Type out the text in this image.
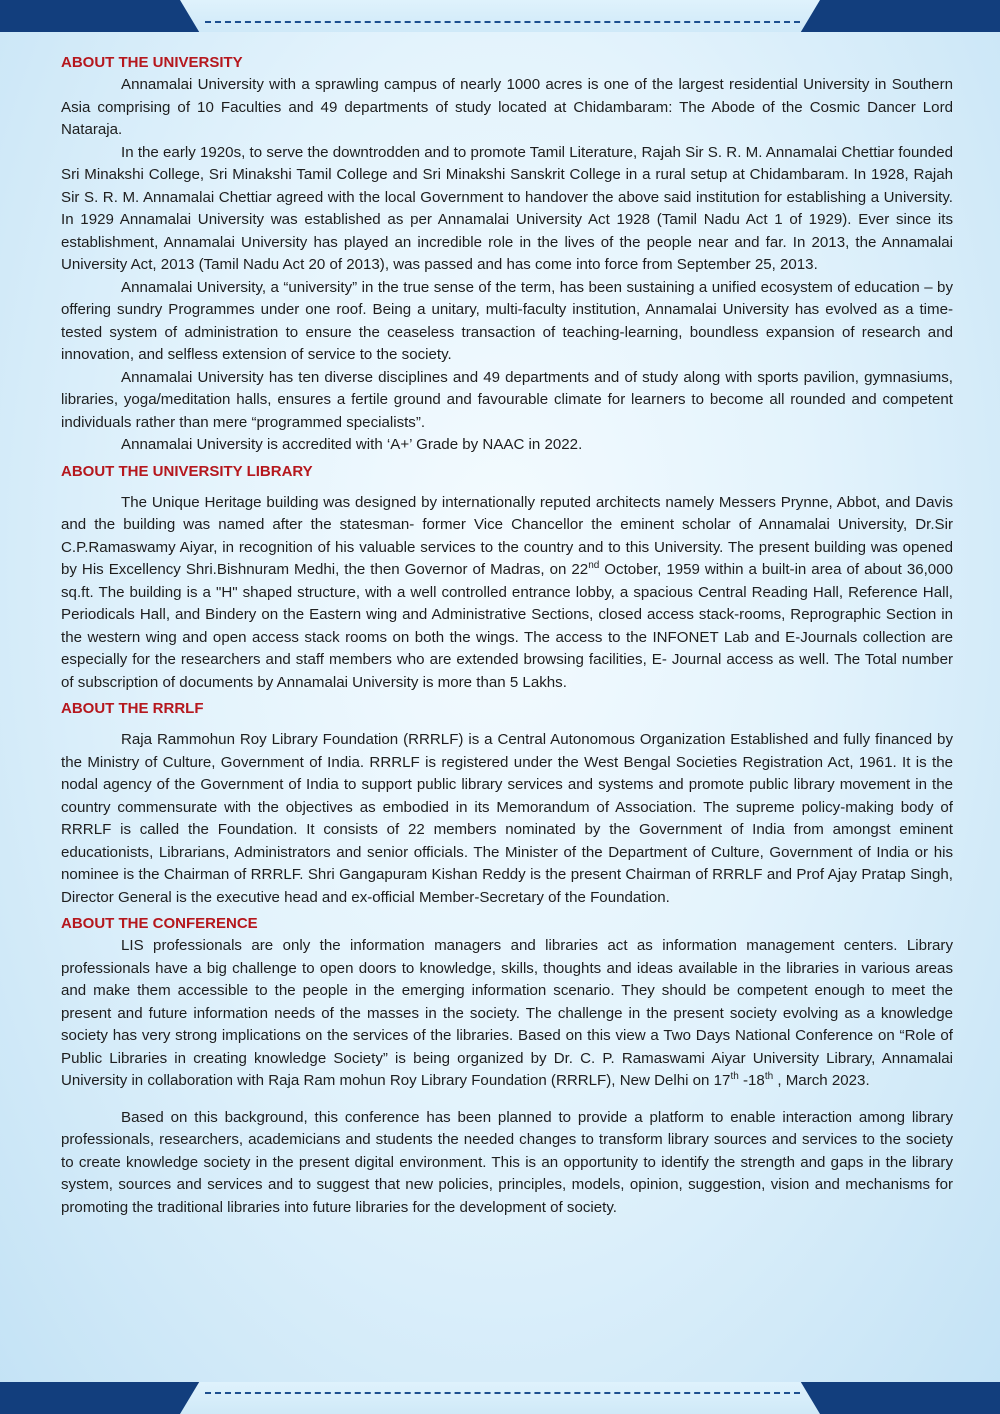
ABOUT THE UNIVERSITY

Annamalai University with a sprawling campus of nearly 1000 acres is one of the largest residential University in Southern Asia comprising of 10 Faculties and 49 departments of study located at Chidambaram: The Abode of the Cosmic Dancer Lord Nataraja.

In the early 1920s, to serve the downtrodden and to promote Tamil Literature, Rajah Sir S. R. M. Annamalai Chettiar founded Sri Minakshi College, Sri Minakshi Tamil College and Sri Minakshi Sanskrit College in a rural setup at Chidambaram. In 1928, Rajah Sir S. R. M. Annamalai Chettiar agreed with the local Government to handover the above said institution for establishing a University. In 1929 Annamalai University was established as per Annamalai University Act 1928 (Tamil Nadu Act 1 of 1929). Ever since its establishment, Annamalai University has played an incredible role in the lives of the people near and far. In 2013, the Annamalai University Act, 2013 (Tamil Nadu Act 20 of 2013), was passed and has come into force from September 25, 2013.

Annamalai University, a “university” in the true sense of the term, has been sustaining a unified ecosystem of education – by offering sundry Programmes under one roof. Being a unitary, multi-faculty institution, Annamalai University has evolved as a time-tested system of administration to ensure the ceaseless transaction of teaching-learning, boundless expansion of research and innovation, and selfless extension of service to the society.

Annamalai University has ten diverse disciplines and 49 departments and of study along with sports pavilion, gymnasiums, libraries, yoga/meditation halls, ensures a fertile ground and favourable climate for learners to become all rounded and competent individuals rather than mere “programmed specialists”.

Annamalai University is accredited with ‘A+’ Grade by NAAC in 2022.

ABOUT THE UNIVERSITY LIBRARY

The Unique Heritage building was designed by internationally reputed architects namely Messers Prynne, Abbot, and Davis and the building was named after the statesman- former Vice Chancellor the eminent scholar of Annamalai University, Dr.Sir C.P.Ramaswamy Aiyar, in recognition of his valuable services to the country and to this University. The present building was opened by His Excellency Shri.Bishnuram Medhi, the then Governor of Madras, on 22nd October, 1959 within a built-in area of about 36,000 sq.ft. The building is a "H" shaped structure, with a well controlled entrance lobby, a spacious Central Reading Hall, Reference Hall, Periodicals Hall, and Bindery on the Eastern wing and Administrative Sections, closed access stack-rooms, Reprographic Section in the western wing and open access stack rooms on both the wings. The access to the INFONET Lab and E-Journals collection are especially for the researchers and staff members who are extended browsing facilities, E- Journal access as well. The Total number of subscription of documents by Annamalai University is more than 5 Lakhs.

ABOUT THE RRRLF

Raja Rammohun Roy Library Foundation (RRRLF) is a Central Autonomous Organization Established and fully financed by the Ministry of Culture, Government of India. RRRLF is registered under the West Bengal Societies Registration Act, 1961. It is the nodal agency of the Government of India to support public library services and systems and promote public library movement in the country commensurate with the objectives as embodied in its Memorandum of Association. The supreme policy-making body of RRRLF is called the Foundation. It consists of 22 members nominated by the Government of India from amongst eminent educationists, Librarians, Administrators and senior officials. The Minister of the Department of Culture, Government of India or his nominee is the Chairman of RRRLF. Shri Gangapuram Kishan Reddy is the present Chairman of RRRLF and Prof Ajay Pratap Singh, Director General is the executive head and ex-official Member-Secretary of the Foundation.

ABOUT THE CONFERENCE

LIS professionals are only the information managers and libraries act as information management centers. Library professionals have a big challenge to open doors to knowledge, skills, thoughts and ideas available in the libraries in various areas and make them accessible to the people in the emerging information scenario. They should be competent enough to meet the present and future information needs of the masses in the society. The challenge in the present society evolving as a knowledge society has very strong implications on the services of the libraries. Based on this view a Two Days National Conference on “Role of Public Libraries in creating knowledge Society” is being organized by Dr. C. P. Ramaswami Aiyar University Library, Annamalai University in collaboration with Raja Ram mohun Roy Library Foundation (RRRLF), New Delhi on 17th -18th , March 2023.

Based on this background, this conference has been planned to provide a platform to enable interaction among library professionals, researchers, academicians and students the needed changes to transform library sources and services to the society to create knowledge society in the present digital environment. This is an opportunity to identify the strength and gaps in the library system, sources and services and to suggest that new policies, principles, models, opinion, suggestion, vision and mechanisms for promoting the traditional libraries into future libraries for the development of society.
